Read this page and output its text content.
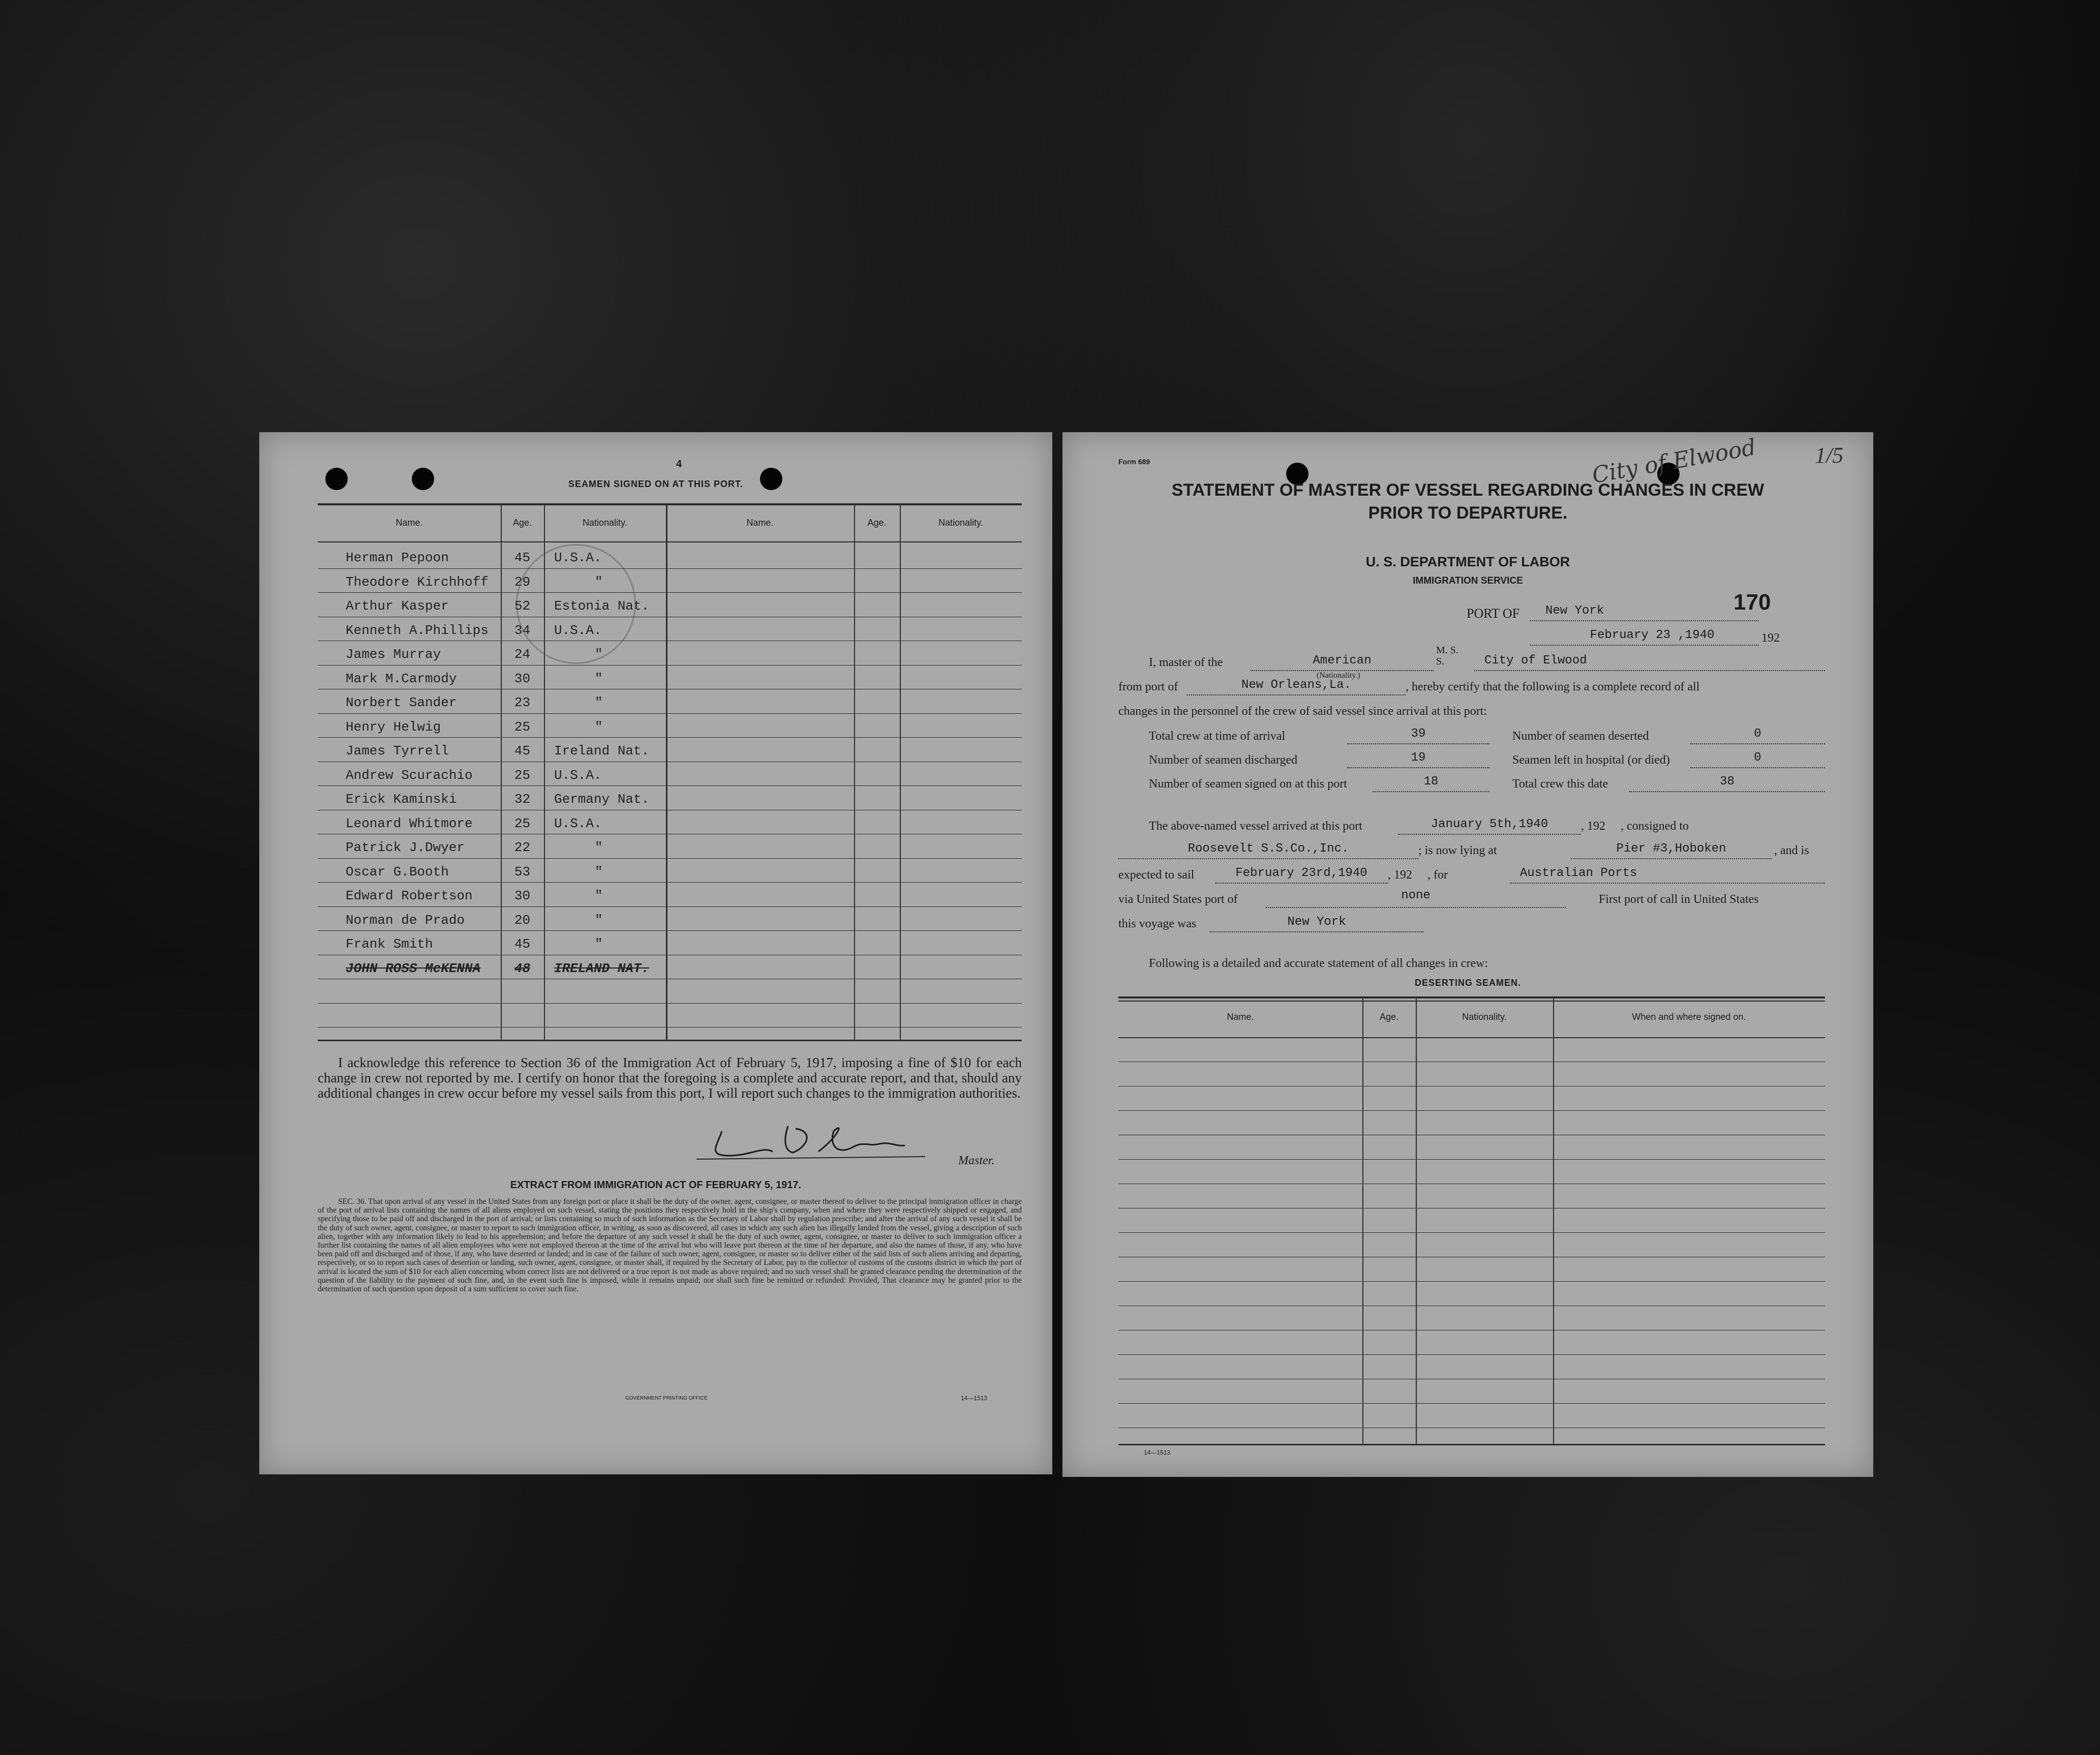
4
SEAMEN SIGNED ON AT THIS PORT.
Name.	Age.	Nationality.	Name.	Age.	Nationality.
Herman Pepoon	45	U.S.A.
Theodore Kirchhoff	29	"
Arthur Kasper	52	Estonia Nat.
Kenneth A.Phillips	34	U.S.A.
James Murray	24	"
Mark M.Carmody	30	"
Norbert Sander	23	"
Henry Helwig	25	"
James Tyrrell	45	Ireland Nat.
Andrew Scurachio	25	U.S.A.
Erick Kaminski	32	Germany Nat.
Leonard Whitmore	25	U.S.A.
Patrick J.Dwyer	22	"
Oscar G.Booth	53	"
Edward Robertson	30	"
Norman de Prado	20	"
Frank Smith	45	"
JOHN ROSS McKENNA	48	IRELAND NAT.
I acknowledge this reference to Section 36 of the Immigration Act of February 5, 1917, imposing a fine of $10 for each change in crew not reported by me. I certify on honor that the foregoing is a complete and accurate report, and that, should any additional changes in crew occur before my vessel sails from this port, I will report such changes to the immigration authorities.
Master.
EXTRACT FROM IMMIGRATION ACT OF FEBRUARY 5, 1917.
SEC. 36. That upon arrival of any vessel in the United States from any foreign port or place it shall be the duty of the owner, agent, consignee, or master thereof to deliver to the principal immigration officer in charge of the port of arrival lists containing the names of all aliens employed on such vessel, stating the positions they respectively hold in the ship's company, when and where they were respectively shipped or engaged, and specifying those to be paid off and discharged in the port of arrival; or lists containing so much of such information as the Secretary of Labor shall by regulation prescribe; and after the arrival of any such vessel it shall be the duty of such owner, agent, consignee, or master to report to such immigration officer, in writing, as soon as discovered, all cases in which any such alien has illegally landed from the vessel, giving a description of such alien, together with any information likely to lead to his apprehension; and before the departure of any such vessel it shall be the duty of such owner, agent, consignee, or master to deliver to such immigration officer a further list containing the names of all alien employees who were not employed thereon at the time of the arrival but who will leave port thereon at the time of her departure, and also the names of those, if any, who have been paid off and discharged and of those, if any, who have deserted or landed; and in case of the failure of such owner, agent, consignee, or master so to deliver either of the said lists of such aliens arriving and departing, respectively, or so to report such cases of desertion or landing, such owner, agent, consignee, or master shall, if required by the Secretary of Labor, pay to the collector of customs of the customs district in which the port of arrival is located the sum of $10 for each alien concerning whom correct lists are not delivered or a true report is not made as above required; and no such vessel shall be granted clearance pending the determination of the question of the liability to the payment of such fine, and, in the event such fine is imposed, while it remains unpaid; nor shall such fine be remitted or refunded: Provided, That clearance may be granted prior to the determination of such question upon deposit of a sum sufficient to cover such fine.
GOVERNMENT PRINTING OFFICE	14—1513
Form 689	City of Elwood	1/5
STATEMENT OF MASTER OF VESSEL REGARDING CHANGES IN CREW
PRIOR TO DEPARTURE.
U. S. DEPARTMENT OF LABOR
IMMIGRATION SERVICE
170
PORT OF	New York
February 23 ,1940	192
I, master of the	American
(Nationality.)
M. S. S.	City of Elwood
from port of	New Orleans,La.	, hereby certify that the following is a complete record of all
changes in the personnel of the crew of said vessel since arrival at this port:
Total crew at time of arrival	39	Number of seamen deserted	0
Number of seamen discharged	19	Seamen left in hospital (or died)	0
Number of seamen signed on at this port	18	Total crew this date	38
The above-named vessel arrived at this port	January 5th,1940	, 192     , consigned to
Roosevelt S.S.Co.,Inc.	; is now lying at	Pier #3,Hoboken	, and is
expected to sail	February 23rd,1940	, 192     , for	Australian Ports
via United States port of	none	First port of call in United States
this voyage was	New York
Following is a detailed and accurate statement of all changes in crew:
DESERTING SEAMEN.
Name.	Age.	Nationality.	When and where signed on.
14—1513
